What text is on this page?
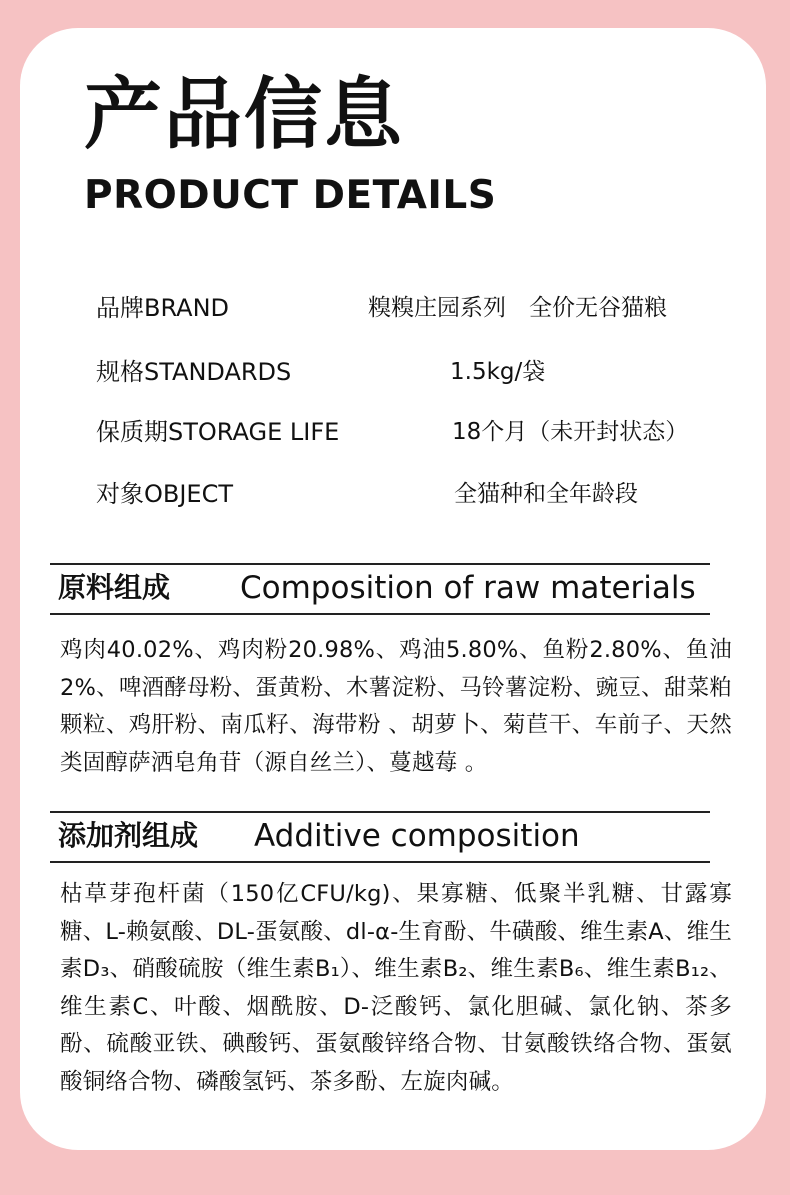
产品信息
PRODUCT DETAILS
品牌BRAND	糗糗庄园系列　全价无谷猫粮
规格STANDARDS	1.5kg/袋
保质期STORAGE LIFE	18个月（未开封状态）
对象OBJECT	全猫种和全年龄段
原料组成 Composition of raw materials

鸡肉40.02%、鸡肉粉20.98%、鸡油5.80%、鱼粉2.80%、鱼油2%、啤酒酵母粉、蛋黄粉、木薯淀粉、马铃薯淀粉、豌豆、甜菜粕颗粒、鸡肝粉、南瓜籽、海带粉 、胡萝卜、菊苣干、车前子、天然类固醇萨洒皂角苷（源自丝兰）、蔓越莓 。

添加剂组成 Additive composition

枯草芽孢杆菌（150亿CFU/kg)、果寡糖、低聚半乳糖、甘露寡糖、L-赖氨酸、DL-蛋氨酸、dl-α-生育酚、牛磺酸、维生素A、维生素D₃、硝酸硫胺（维生素B₁）、维生素B₂、维生素B₆、维生素B₁₂、维生素C、叶酸、烟酰胺、D-泛酸钙、氯化胆碱、氯化钠、茶多酚、硫酸亚铁、碘酸钙、蛋氨酸锌络合物、甘氨酸铁络合物、蛋氨酸铜络合物、磷酸氢钙、茶多酚、左旋肉碱。
